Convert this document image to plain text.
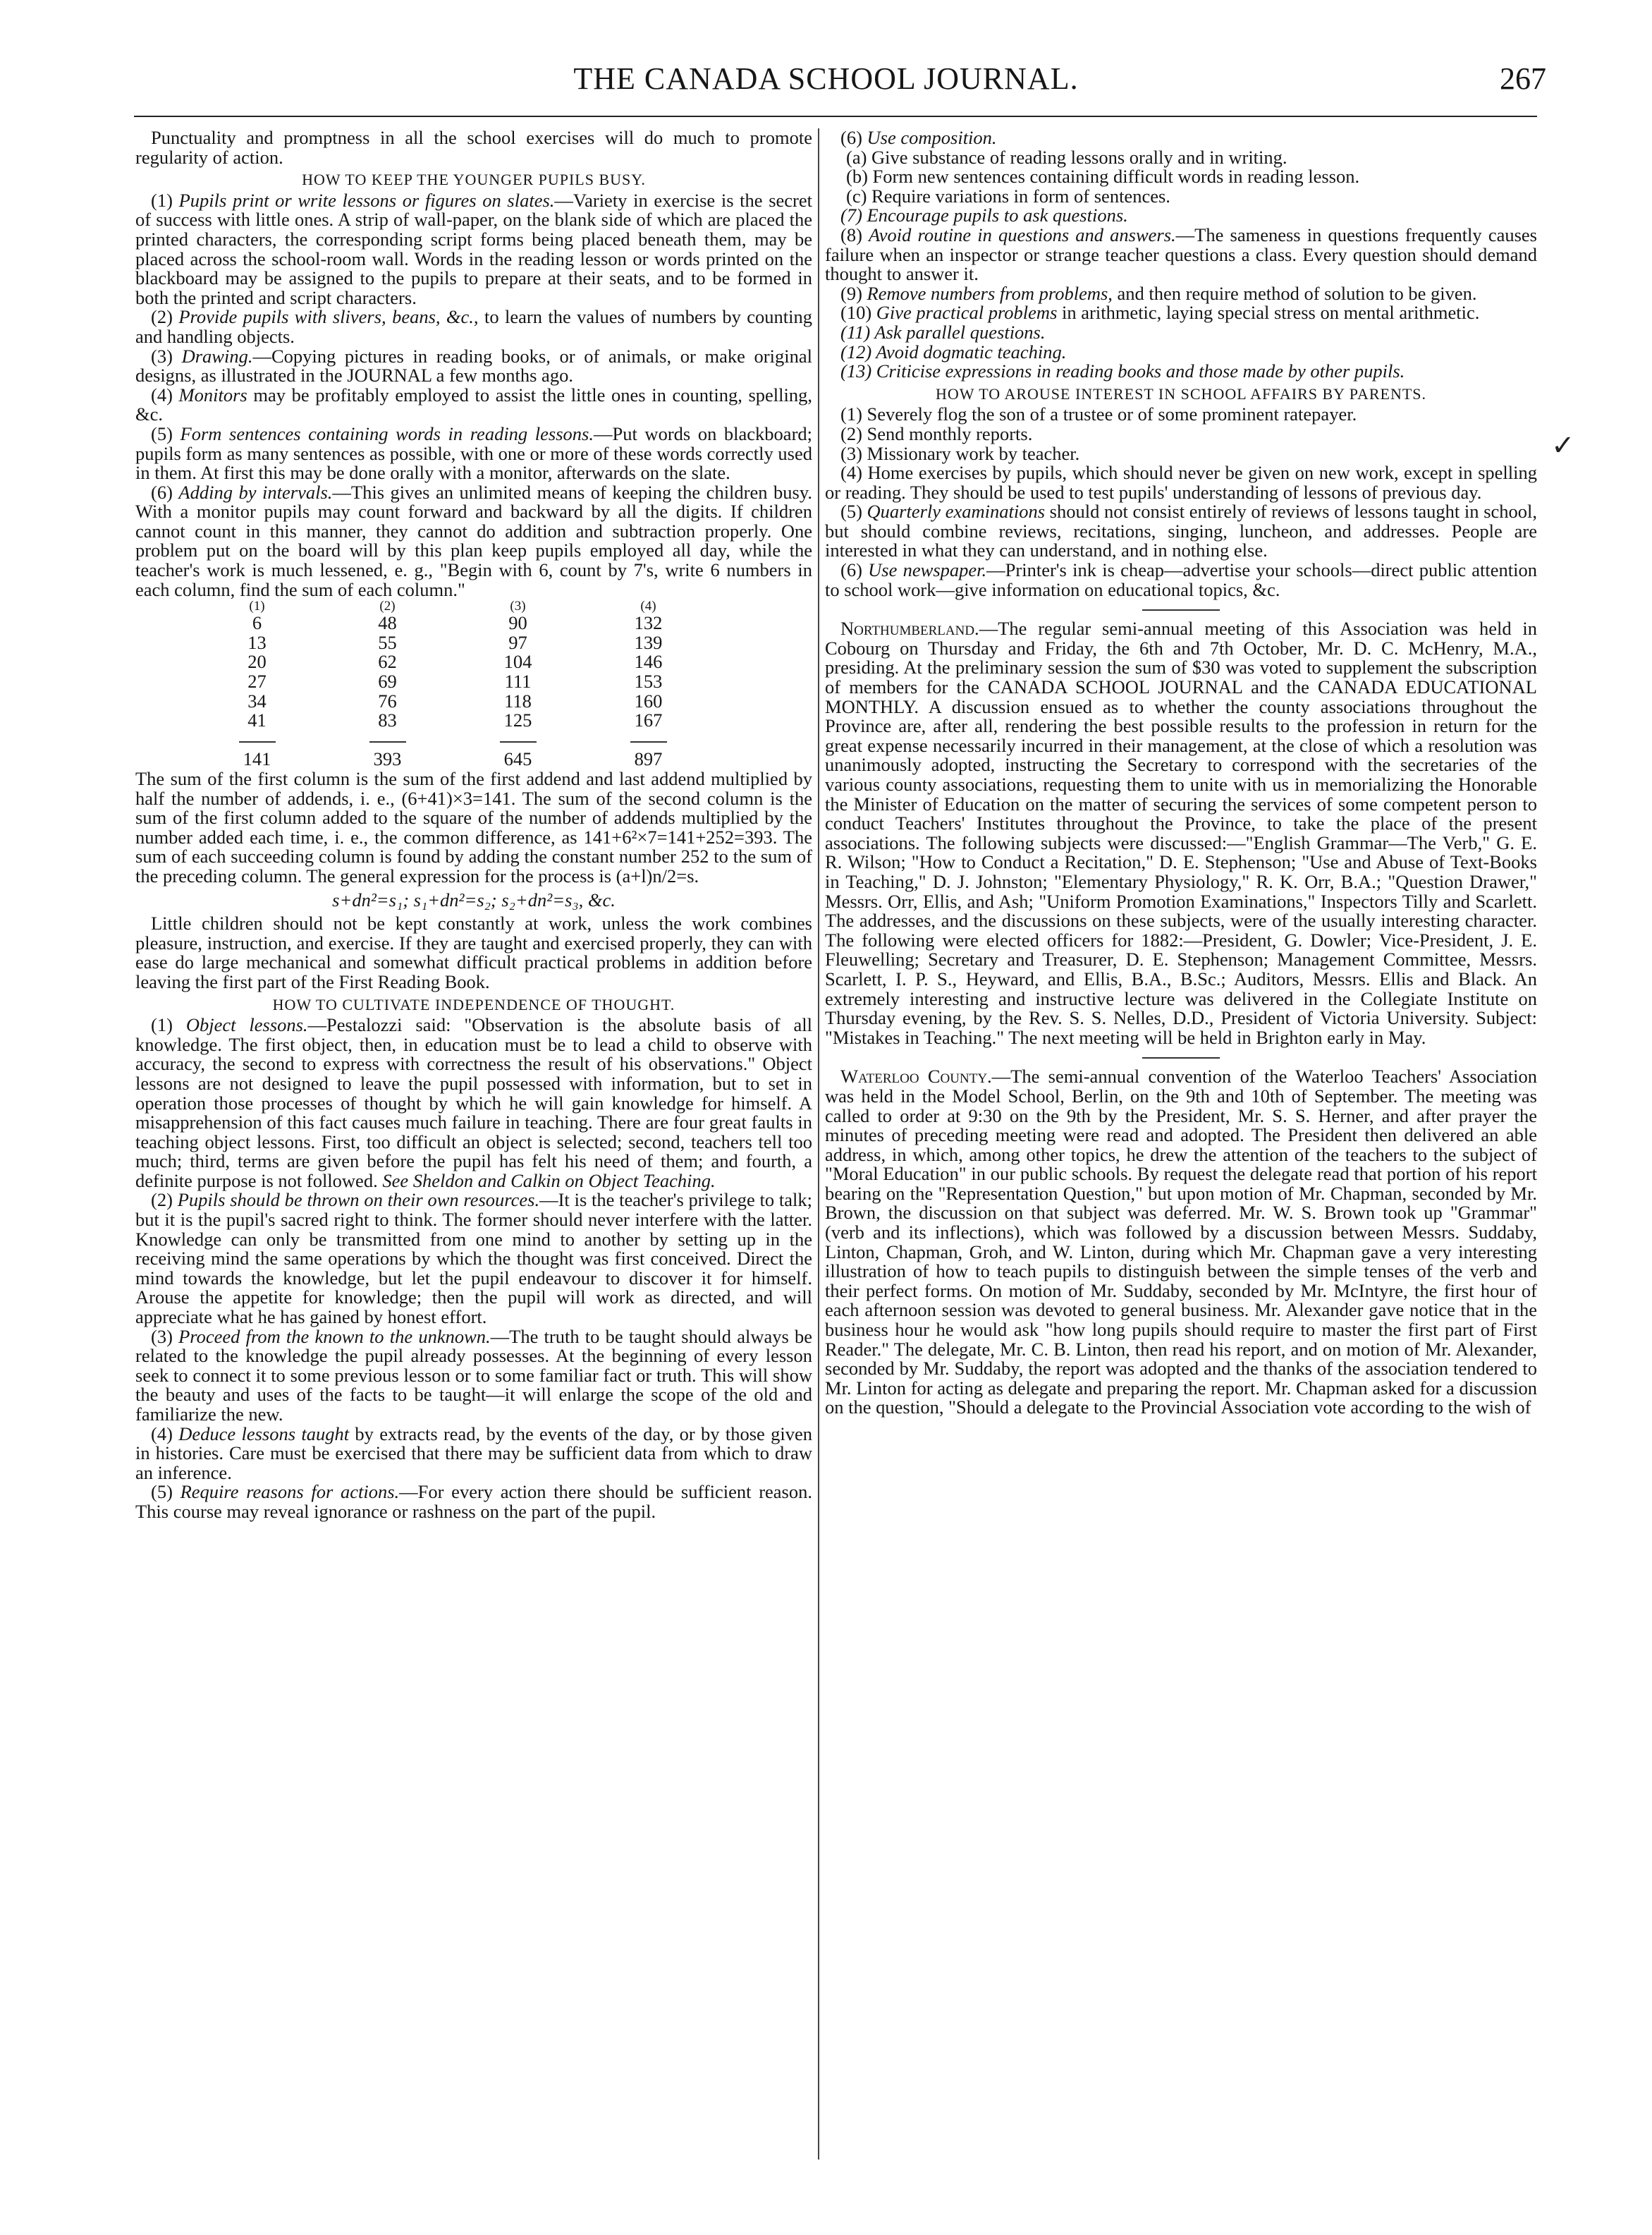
THE CANADA SCHOOL JOURNAL.	267

Punctuality and promptness in all the school exercises will do much to promote regularity of action.

HOW TO KEEP THE YOUNGER PUPILS BUSY.

(1) Pupils print or write lessons or figures on slates.—Variety in exercise is the secret of success with little ones. A strip of wall-paper, on the blank side of which are placed the printed characters, the corresponding script forms being placed beneath them, may be placed across the school-room wall. Words in the reading lesson or words printed on the blackboard may be assigned to the pupils to prepare at their seats, and to be formed in both the printed and script characters.

(2) Provide pupils with slivers, beans, &c., to learn the values of numbers by counting and handling objects.

(3) Drawing.—Copying pictures in reading books, or of animals, or make original designs, as illustrated in the JOURNAL a few months ago.

(4) Monitors may be profitably employed to assist the little ones in counting, spelling, &c.

(5) Form sentences containing words in reading lessons.—Put words on blackboard; pupils form as many sentences as possible, with one or more of these words correctly used in them. At first this may be done orally with a monitor, afterwards on the slate.

(6) Adding by intervals.—This gives an unlimited means of keeping the children busy. With a monitor pupils may count forward and backward by all the digits. If children cannot count in this manner, they cannot do addition and subtraction properly. One problem put on the board will by this plan keep pupils employed all day, while the teacher's work is much lessened, e. g., "Begin with 6, count by 7's, write 6 numbers in each column, find the sum of each column."

(1)	(2)	(3)	(4)
6	48	90	132
13	55	97	139
20	62	104	146
27	69	111	153
34	76	118	160
41	83	125	167

141	393	645	897

The sum of the first column is the sum of the first addend and last addend multiplied by half the number of addends, i. e., (6+41)×3=141. The sum of the second column is the sum of the first column added to the square of the number of addends multiplied by the number added each time, i. e., the common difference, as 141+6²×7=141+252=393. The sum of each succeeding column is found by adding the constant number 252 to the sum of the preceding column. The general expression for the process is (a+l)n/2=s.

s+dn²=s₁; s₁+dn²=s₂; s₂+dn²=s₃, &c.

Little children should not be kept constantly at work, unless the work combines pleasure, instruction, and exercise. If they are taught and exercised properly, they can with ease do large mechanical and somewhat difficult practical problems in addition before leaving the first part of the First Reading Book.

HOW TO CULTIVATE INDEPENDENCE OF THOUGHT.

(1) Object lessons.—Pestalozzi said: "Observation is the absolute basis of all knowledge. The first object, then, in education must be to lead a child to observe with accuracy, the second to express with correctness the result of his observations." Object lessons are not designed to leave the pupil possessed with information, but to set in operation those processes of thought by which he will gain knowledge for himself. A misapprehension of this fact causes much failure in teaching. There are four great faults in teaching object lessons. First, too difficult an object is selected; second, teachers tell too much; third, terms are given before the pupil has felt his need of them; and fourth, a definite purpose is not followed. See Sheldon and Calkin on Object Teaching.

(2) Pupils should be thrown on their own resources.—It is the teacher's privilege to talk; but it is the pupil's sacred right to think. The former should never interfere with the latter. Knowledge can only be transmitted from one mind to another by setting up in the receiving mind the same operations by which the thought was first conceived. Direct the mind towards the knowledge, but let the pupil endeavour to discover it for himself. Arouse the appetite for knowledge; then the pupil will work as directed, and will appreciate what he has gained by honest effort.

(3) Proceed from the known to the unknown.—The truth to be taught should always be related to the knowledge the pupil already possesses. At the beginning of every lesson seek to connect it to some previous lesson or to some familiar fact or truth. This will show the beauty and uses of the facts to be taught—it will enlarge the scope of the old and familiarize the new.

(4) Deduce lessons taught by extracts read, by the events of the day, or by those given in histories. Care must be exercised that there may be sufficient data from which to draw an inference.

(5) Require reasons for actions.—For every action there should be sufficient reason. This course may reveal ignorance or rashness on the part of the pupil.

(6) Use composition.

(a) Give substance of reading lessons orally and in writing.

(b) Form new sentences containing difficult words in reading lesson.

(c) Require variations in form of sentences.

(7) Encourage pupils to ask questions.

(8) Avoid routine in questions and answers.—The sameness in questions frequently causes failure when an inspector or strange teacher questions a class. Every question should demand thought to answer it.

(9) Remove numbers from problems, and then require method of solution to be given.

(10) Give practical problems in arithmetic, laying special stress on mental arithmetic.

(11) Ask parallel questions.

(12) Avoid dogmatic teaching.

(13) Criticise expressions in reading books and those made by other pupils.

HOW TO AROUSE INTEREST IN SCHOOL AFFAIRS BY PARENTS.

(1) Severely flog the son of a trustee or of some prominent ratepayer.

(2) Send monthly reports.

(3) Missionary work by teacher.

(4) Home exercises by pupils, which should never be given on new work, except in spelling or reading. They should be used to test pupils' understanding of lessons of previous day.

(5) Quarterly examinations should not consist entirely of reviews of lessons taught in school, but should combine reviews, recitations, singing, luncheon, and addresses. People are interested in what they can understand, and in nothing else.

(6) Use newspaper.—Printer's ink is cheap—advertise your schools—direct public attention to school work—give information on educational topics, &c.

Northumberland.—The regular semi-annual meeting of this Association was held in Cobourg on Thursday and Friday, the 6th and 7th October, Mr. D. C. McHenry, M.A., presiding. At the preliminary session the sum of $30 was voted to supplement the subscription of members for the CANADA SCHOOL JOURNAL and the CANADA EDUCATIONAL MONTHLY. A discussion ensued as to whether the county associations throughout the Province are, after all, rendering the best possible results to the profession in return for the great expense necessarily incurred in their management, at the close of which a resolution was unanimously adopted, instructing the Secretary to correspond with the secretaries of the various county associations, requesting them to unite with us in memorializing the Honorable the Minister of Education on the matter of securing the services of some competent person to conduct Teachers' Institutes throughout the Province, to take the place of the present associations. The following subjects were discussed:—"English Grammar—The Verb," G. E. R. Wilson; "How to Conduct a Recitation," D. E. Stephenson; "Use and Abuse of Text-Books in Teaching," D. J. Johnston; "Elementary Physiology," R. K. Orr, B.A.; "Question Drawer," Messrs. Orr, Ellis, and Ash; "Uniform Promotion Examinations," Inspectors Tilly and Scarlett. The addresses, and the discussions on these subjects, were of the usually interesting character. The following were elected officers for 1882:—President, G. Dowler; Vice-President, J. E. Fleuwelling; Secretary and Treasurer, D. E. Stephenson; Management Committee, Messrs. Scarlett, I. P. S., Heyward, and Ellis, B.A., B.Sc.; Auditors, Messrs. Ellis and Black. An extremely interesting and instructive lecture was delivered in the Collegiate Institute on Thursday evening, by the Rev. S. S. Nelles, D.D., President of Victoria University. Subject: "Mistakes in Teaching." The next meeting will be held in Brighton early in May.

Waterloo County.—The semi-annual convention of the Waterloo Teachers' Association was held in the Model School, Berlin, on the 9th and 10th of September. The meeting was called to order at 9:30 on the 9th by the President, Mr. S. S. Herner, and after prayer the minutes of preceding meeting were read and adopted. The President then delivered an able address, in which, among other topics, he drew the attention of the teachers to the subject of "Moral Education" in our public schools. By request the delegate read that portion of his report bearing on the "Representation Question," but upon motion of Mr. Chapman, seconded by Mr. Brown, the discussion on that subject was deferred. Mr. W. S. Brown took up "Grammar" (verb and its inflections), which was followed by a discussion between Messrs. Suddaby, Linton, Chapman, Groh, and W. Linton, during which Mr. Chapman gave a very interesting illustration of how to teach pupils to distinguish between the simple tenses of the verb and their perfect forms. On motion of Mr. Suddaby, seconded by Mr. McIntyre, the first hour of each afternoon session was devoted to general business. Mr. Alexander gave notice that in the business hour he would ask "how long pupils should require to master the first part of First Reader." The delegate, Mr. C. B. Linton, then read his report, and on motion of Mr. Alexander, seconded by Mr. Suddaby, the report was adopted and the thanks of the association tendered to Mr. Linton for acting as delegate and preparing the report. Mr. Chapman asked for a discussion on the question, "Should a delegate to the Provincial Association vote according to the wish of

✓
